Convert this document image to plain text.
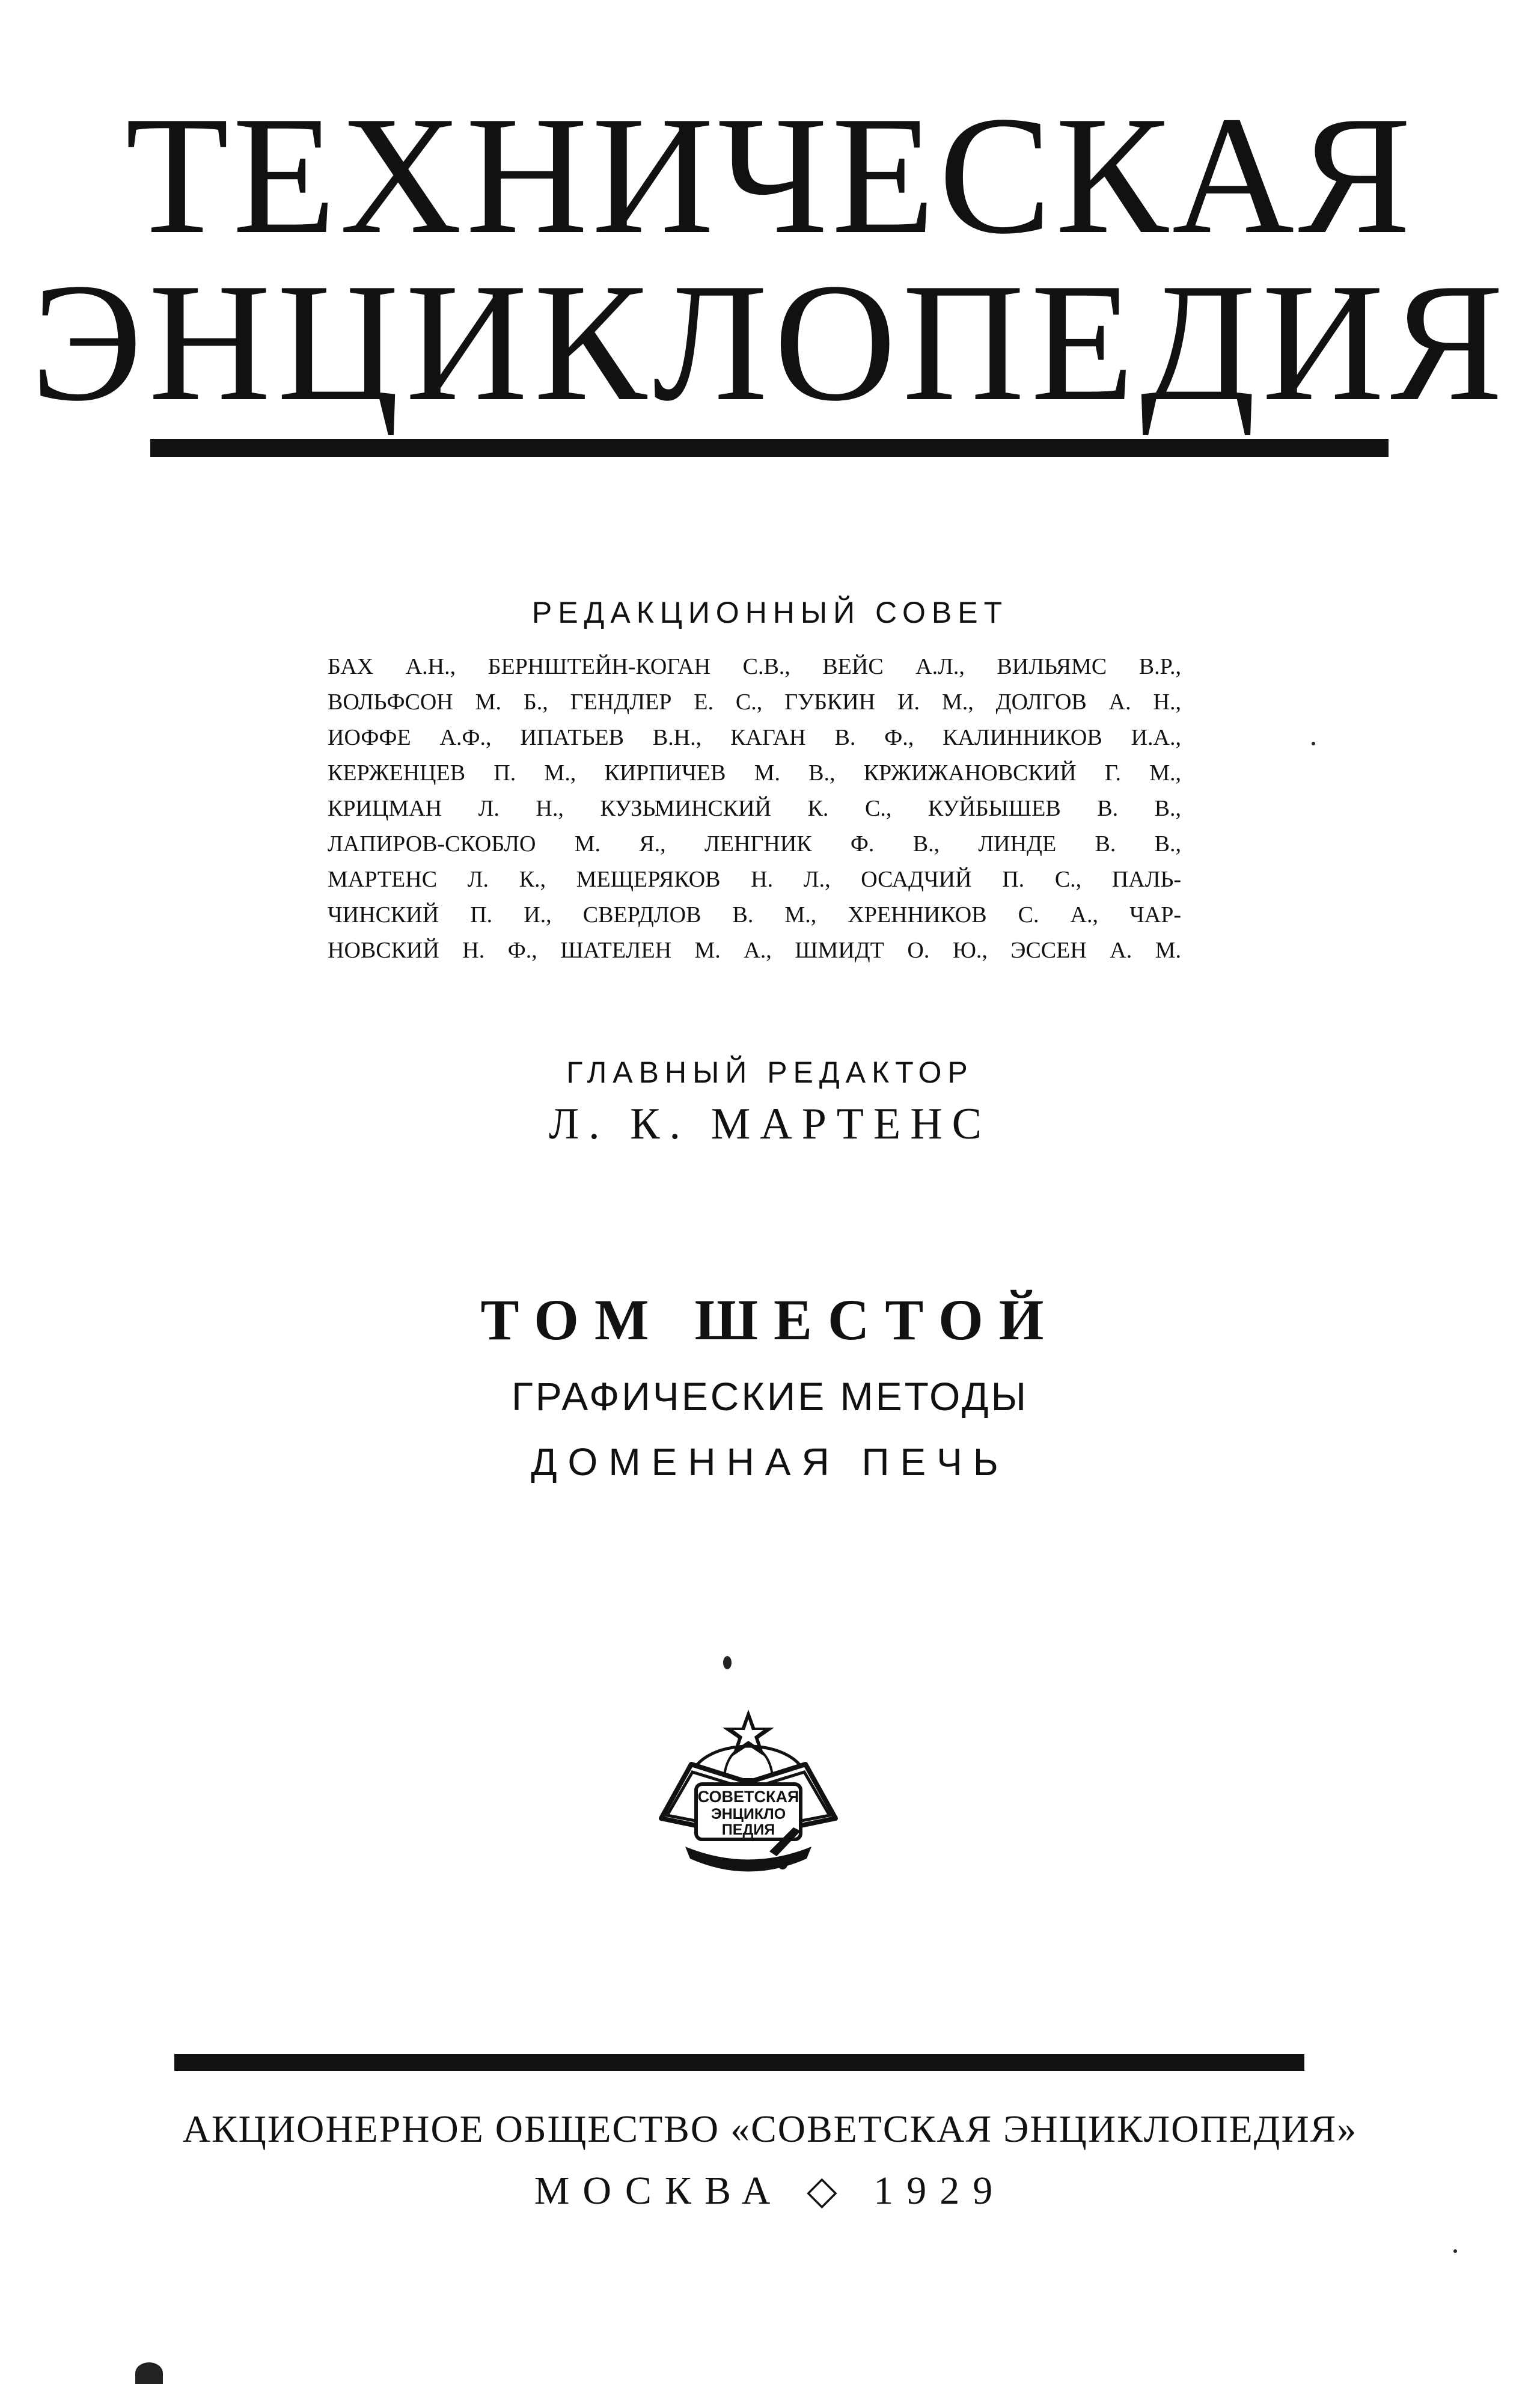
ТЕХНИЧЕСКАЯ
ЭНЦИКЛОПЕДИЯ

РЕДАКЦИОННЫЙ СОВЕТ

БАХ А.Н., БЕРНШТЕЙН-КОГАН С.В., ВЕЙС А.Л., ВИЛЬЯМС В.Р.,
ВОЛЬФСОН М. Б., ГЕНДЛЕР Е. С., ГУБКИН И. М., ДОЛГОВ А. Н.,
ИОФФЕ А.Ф., ИПАТЬЕВ В.Н., КАГАН В. Ф., КАЛИННИКОВ И.А.,
КЕРЖЕНЦЕВ П. М., КИРПИЧЕВ М. В., КРЖИЖАНОВСКИЙ Г. М.,
КРИЦМАН Л. Н., КУЗЬМИНСКИЙ К. С., КУЙБЫШЕВ В. В.,
ЛАПИРОВ-СКОБЛО М. Я., ЛЕНГНИК Ф. В., ЛИНДЕ В. В.,
МАРТЕНС Л. К., МЕЩЕРЯКОВ Н. Л., ОСАДЧИЙ П. С., ПАЛЬ-
ЧИНСКИЙ П. И., СВЕРДЛОВ В. М., ХРЕННИКОВ С. А., ЧАР-
НОВСКИЙ Н. Ф., ШАТЕЛЕН М. А., ШМИДТ О. Ю., ЭССЕН А. М.

ГЛАВНЫЙ РЕДАКТОР

Л. К. МАРТЕНС

ТОМ ШЕСТОЙ

ГРАФИЧЕСКИЕ МЕТОДЫ

ДОМЕННАЯ ПЕЧЬ

СОВЕТСКАЯ
ЭНЦИКЛО
ПЕДИЯ

АКЦИОНЕРНОЕ ОБЩЕСТВО «СОВЕТСКАЯ ЭНЦИКЛОПЕДИЯ»

МОСКВА ◇ 1929
